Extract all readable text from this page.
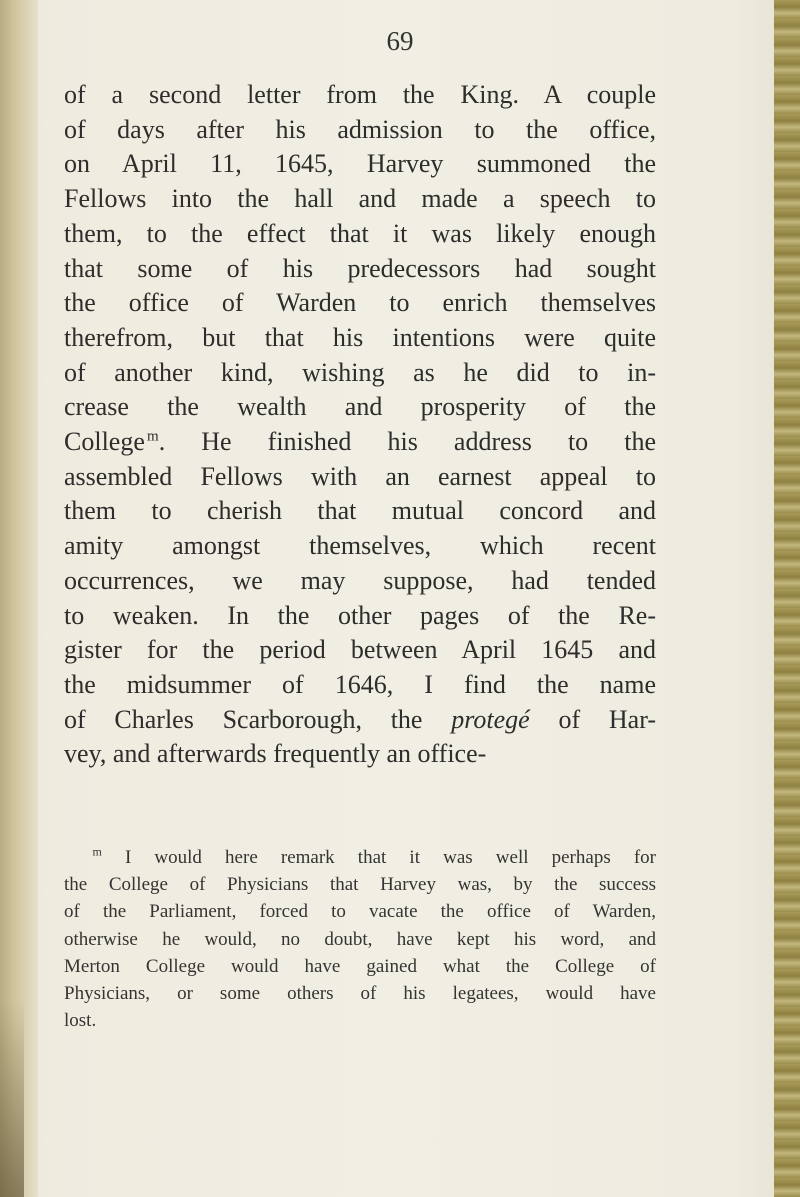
69
of a second letter from the King. A couple
of days after his admission to the office,
on April 11, 1645, Harvey summoned the
Fellows into the hall and made a speech to
them, to the effect that it was likely enough
that some of his predecessors had sought
the office of Warden to enrich themselves
therefrom, but that his intentions were quite
of another kind, wishing as he did to in-
crease the wealth and prosperity of the
College  $^m$. He finished his address to the
assembled Fellows with an earnest appeal to
them to cherish that mutual concord and
amity amongst themselves, which recent
occurrences, we may suppose, had tended
to weaken. In the other pages of the Re-
gister for the period between April 1645 and
the midsummer of 1646, I find the name
of Charles Scarborough, the protegé of Har-
vey, and afterwards frequently an office-
  $^m$ I would here remark that it was well perhaps for
the College of Physicians that Harvey was, by the success
of the Parliament, forced to vacate the office of Warden,
otherwise he would, no doubt, have kept his word, and
Merton College would have gained what the College of
Physicians, or some others of his legatees, would have
lost.
